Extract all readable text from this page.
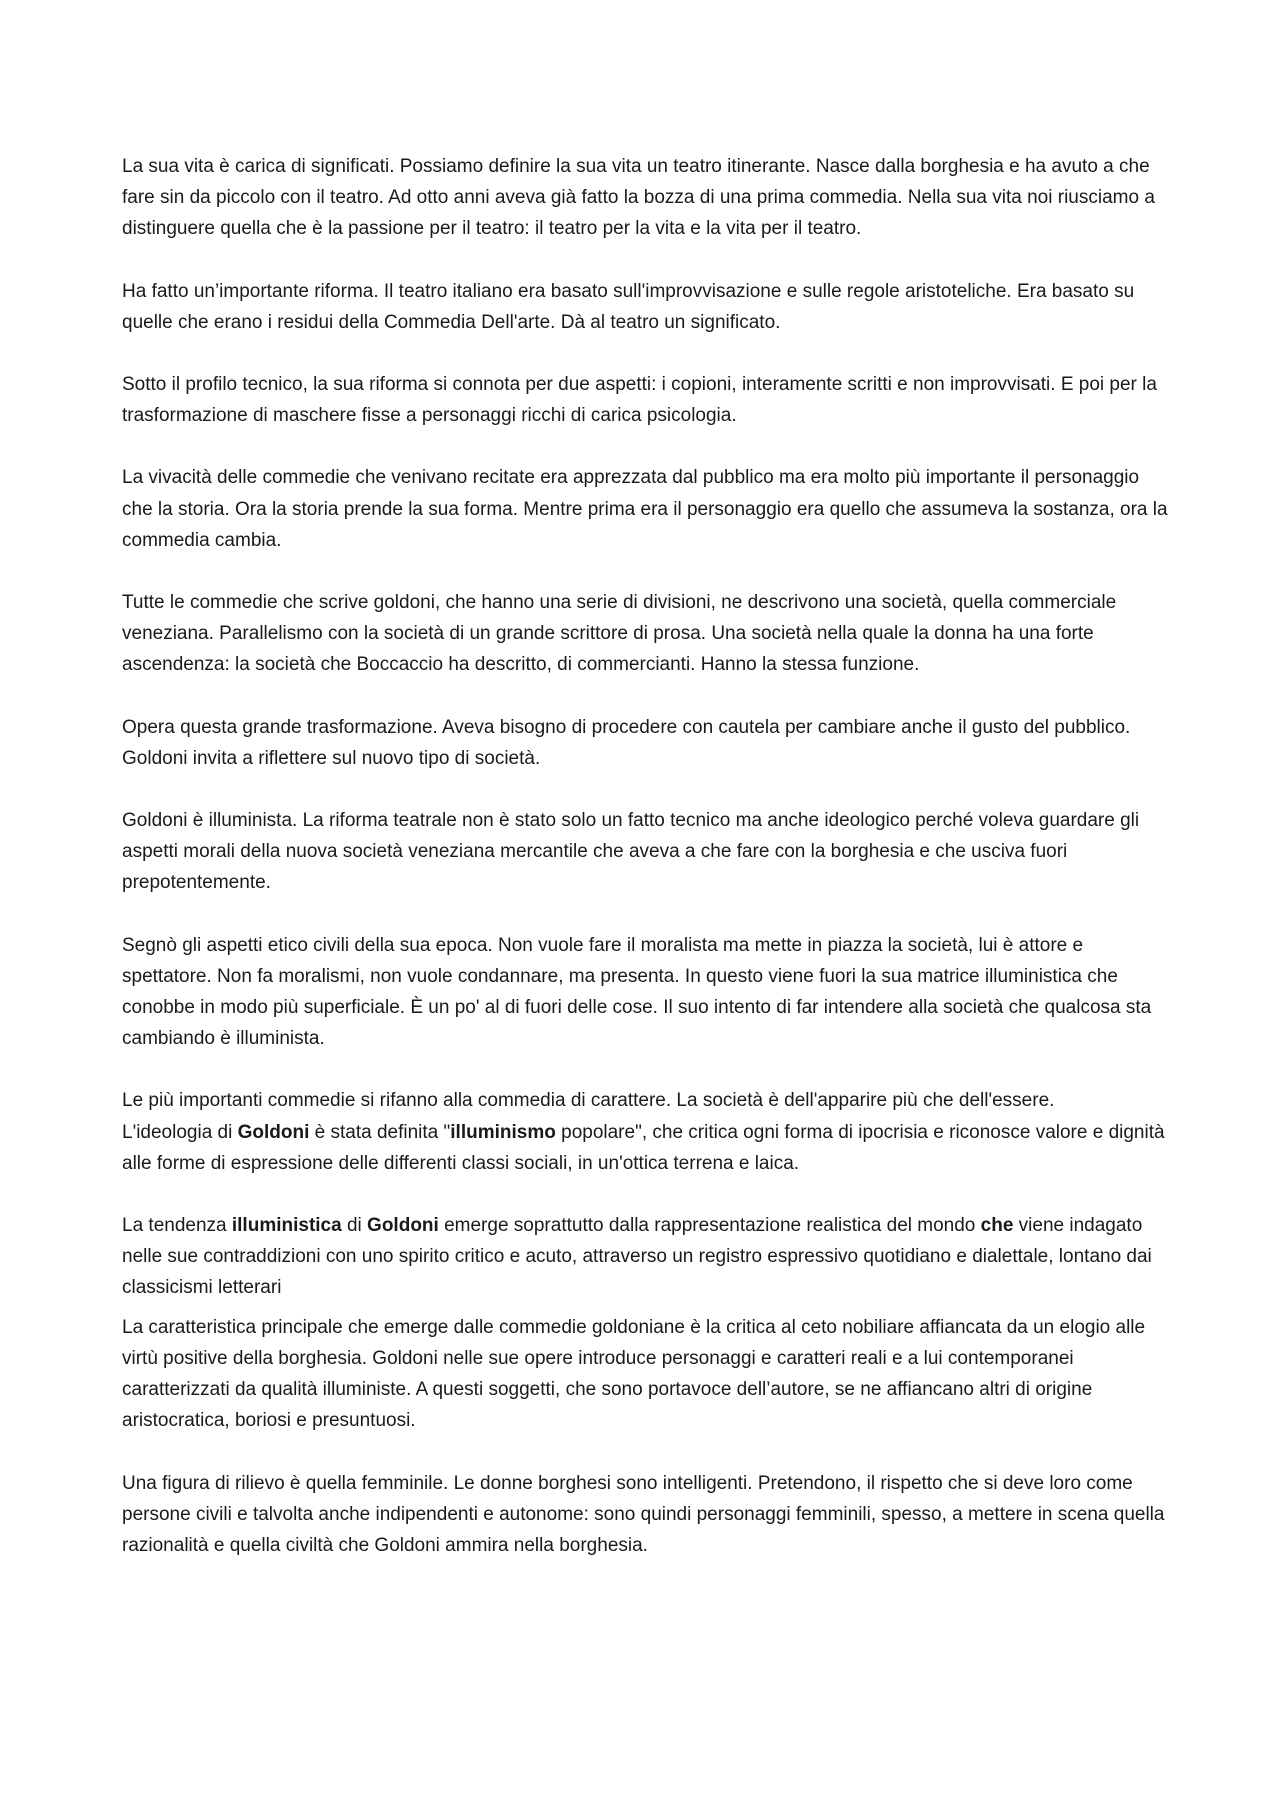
La sua vita è carica di significati. Possiamo definire la sua vita un teatro itinerante. Nasce dalla borghesia e ha avuto a che fare sin da piccolo con il teatro. Ad otto anni aveva già fatto la bozza di una prima commedia. Nella sua vita noi riusciamo a distinguere quella che è la passione per il teatro: il teatro per la vita e la vita per il teatro.

Ha fatto un’importante riforma. Il teatro italiano era basato sull'improvvisazione e sulle regole aristoteliche. Era basato su quelle che erano i residui della Commedia Dell'arte. Dà al teatro un significato.

Sotto il profilo tecnico, la sua riforma si connota per due aspetti: i copioni, interamente scritti e non improvvisati. E poi per la trasformazione di maschere fisse a personaggi ricchi di carica psicologia.

La vivacità delle commedie che venivano recitate era apprezzata dal pubblico ma era molto più importante il personaggio che la storia. Ora la storia prende la sua forma. Mentre prima era il personaggio era quello che assumeva la sostanza, ora la commedia cambia.

Tutte le commedie che scrive goldoni, che hanno una serie di divisioni, ne descrivono una società, quella commerciale veneziana. Parallelismo con la società di un grande scrittore di prosa. Una società nella quale la donna ha una forte ascendenza: la società che Boccaccio ha descritto, di commercianti. Hanno la stessa funzione.

Opera questa grande trasformazione. Aveva bisogno di procedere con cautela per cambiare anche il gusto del pubblico. Goldoni invita a riflettere sul nuovo tipo di società.

Goldoni è illuminista. La riforma teatrale non è stato solo un fatto tecnico ma anche ideologico perché voleva guardare gli aspetti morali della nuova società veneziana mercantile che aveva a che fare con la borghesia e che usciva fuori prepotentemente.

Segnò gli aspetti etico civili della sua epoca. Non vuole fare il moralista ma mette in piazza la società, lui è attore e spettatore. Non fa moralismi, non vuole condannare, ma presenta. In questo viene fuori la sua matrice illuministica che conobbe in modo più superficiale. È un po' al di fuori delle cose. Il suo intento di far intendere alla società che qualcosa sta cambiando è illuminista.

Le più importanti commedie si rifanno alla commedia di carattere. La società è dell'apparire più che dell'essere.

L'ideologia di Goldoni è stata definita "illuminismo popolare", che critica ogni forma di ipocrisia e riconosce valore e dignità alle forme di espressione delle differenti classi sociali, in un'ottica terrena e laica.

La tendenza illuministica di Goldoni emerge soprattutto dalla rappresentazione realistica del mondo che viene indagato nelle sue contraddizioni con uno spirito critico e acuto, attraverso un registro espressivo quotidiano e dialettale, lontano dai classicismi letterari

La caratteristica principale che emerge dalle commedie goldoniane è la critica al ceto nobiliare affiancata da un elogio alle virtù positive della borghesia. Goldoni nelle sue opere introduce personaggi e caratteri reali e a lui contemporanei caratterizzati da qualità illuministe. A questi soggetti, che sono portavoce dell’autore, se ne affiancano altri di origine aristocratica, boriosi e presuntuosi.

Una figura di rilievo è quella femminile. Le donne borghesi sono intelligenti. Pretendono, il rispetto che si deve loro come persone civili e talvolta anche indipendenti e autonome: sono quindi personaggi femminili, spesso, a mettere in scena quella razionalità e quella civiltà che Goldoni ammira nella borghesia.
